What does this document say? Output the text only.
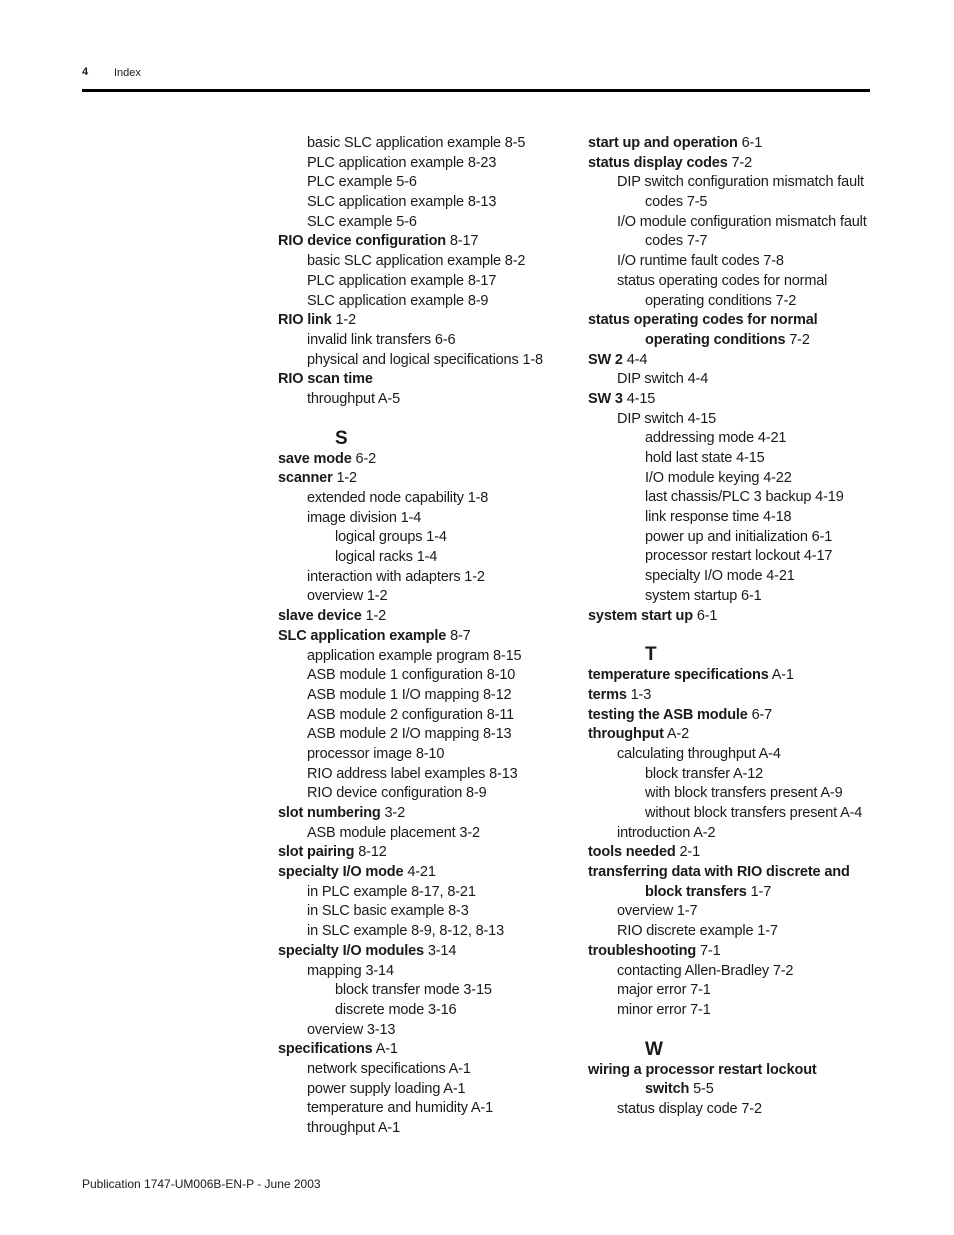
4 Index
basic SLC application example 8-5
PLC application example 8-23
PLC example 5-6
SLC application example 8-13
SLC example 5-6
RIO device configuration 8-17
basic SLC application example 8-2
PLC application example 8-17
SLC application example 8-9
RIO link 1-2
invalid link transfers 6-6
physical and logical specifications 1-8
RIO scan time
throughput A-5
S
save mode 6-2
scanner 1-2
extended node capability 1-8
image division 1-4
logical groups 1-4
logical racks 1-4
interaction with adapters 1-2
overview 1-2
slave device 1-2
SLC application example 8-7
application example program 8-15
ASB module 1 configuration 8-10
ASB module 1 I/O mapping 8-12
ASB module 2 configuration 8-11
ASB module 2 I/O mapping 8-13
processor image 8-10
RIO address label examples 8-13
RIO device configuration 8-9
slot numbering 3-2
ASB module placement 3-2
slot pairing 8-12
specialty I/O mode 4-21
in PLC example 8-17, 8-21
in SLC basic example 8-3
in SLC example 8-9, 8-12, 8-13
specialty I/O modules 3-14
mapping 3-14
block transfer mode 3-15
discrete mode 3-16
overview 3-13
specifications A-1
network specifications A-1
power supply loading A-1
temperature and humidity A-1
throughput A-1
start up and operation 6-1
status display codes 7-2
DIP switch configuration mismatch fault
codes 7-5
I/O module configuration mismatch fault
codes 7-7
I/O runtime fault codes 7-8
status operating codes for normal
operating conditions 7-2
status operating codes for normal
operating conditions 7-2
SW 2 4-4
DIP switch 4-4
SW 3 4-15
DIP switch 4-15
addressing mode 4-21
hold last state 4-15
I/O module keying 4-22
last chassis/PLC 3 backup 4-19
link response time 4-18
power up and initialization 6-1
processor restart lockout 4-17
specialty I/O mode 4-21
system startup 6-1
system start up 6-1
T
temperature specifications A-1
terms 1-3
testing the ASB module 6-7
throughput A-2
calculating throughput A-4
block transfer A-12
with block transfers present A-9
without block transfers present A-4
introduction A-2
tools needed 2-1
transferring data with RIO discrete and
block transfers 1-7
overview 1-7
RIO discrete example 1-7
troubleshooting 7-1
contacting Allen-Bradley 7-2
major error 7-1
minor error 7-1
W
wiring a processor restart lockout
switch 5-5
status display code 7-2
Publication 1747-UM006B-EN-P - June 2003
